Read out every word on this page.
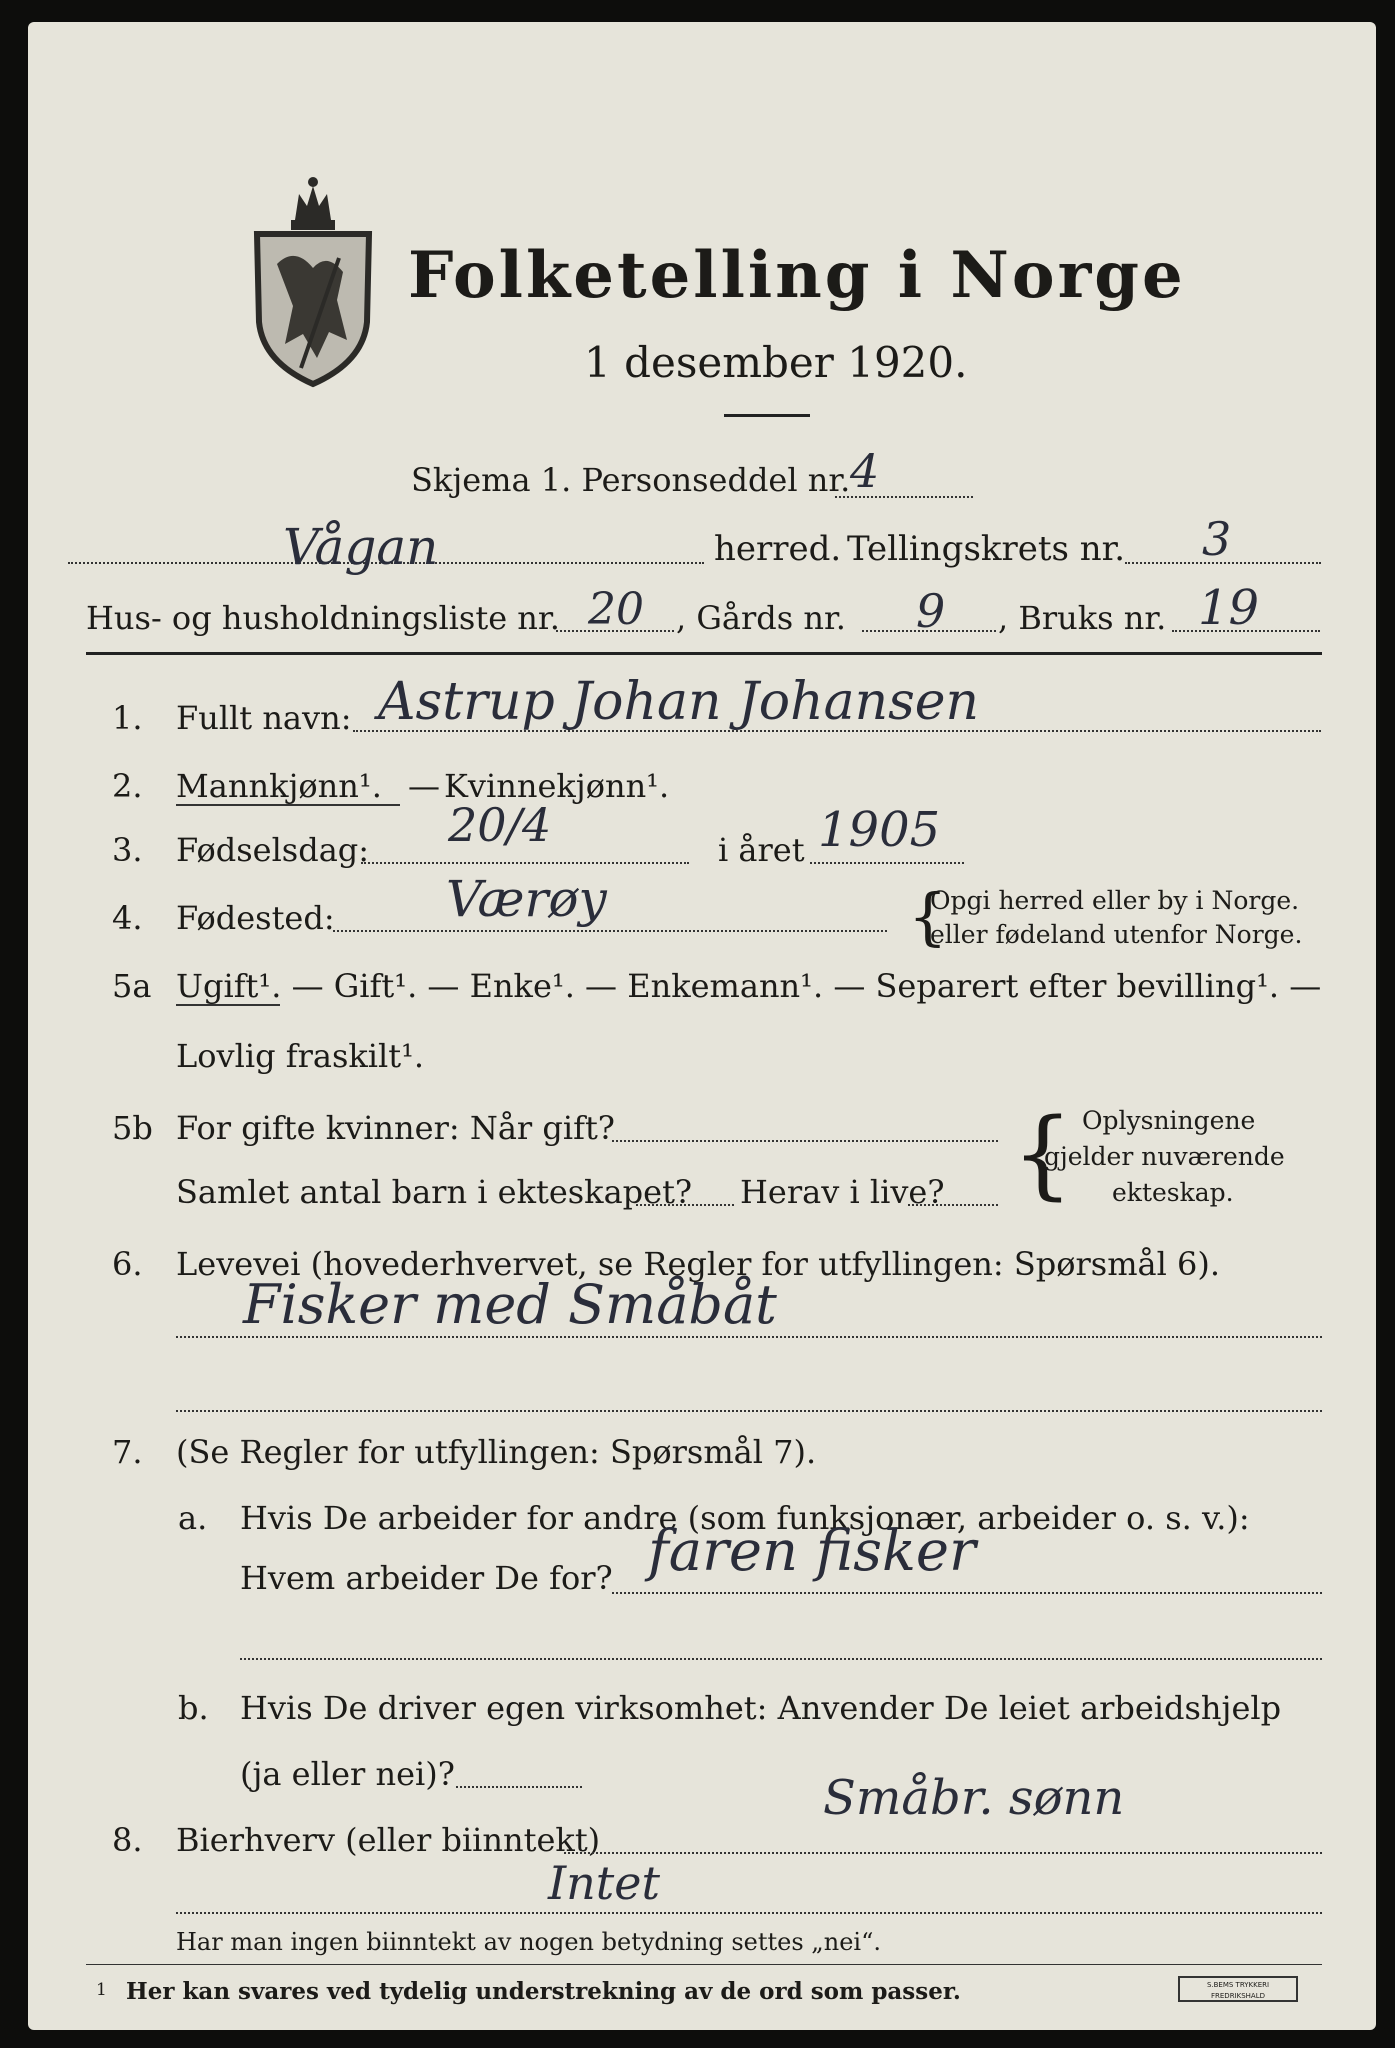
Folketelling i Norge
1 desember 1920.
Skjema 1. Personseddel nr. 4
Vågan	herred. Tellingskrets nr. 3
Hus- og husholdningsliste nr. 20 , Gårds nr. 9 , Bruks nr. 19
1. Fullt navn: Astrup Johan Johansen
2. Mannkjønn¹. — Kvinnekjønn¹.
3. Fødselsdag: 20/4	i året 1905
4. Fødested: Værøy	{
Opgi herred eller by i Norge.
eller fødeland utenfor Norge.
5a Ugift¹. — Gift¹. — Enke¹. — Enkemann¹. — Separert efter bevilling¹. —
Lovlig fraskilt¹.
5b For gifte kvinner: Når gift?
Samlet antal barn i ekteskapet? Herav i live? { Oplysningene
gjelder nuværende
ekteskap.
6. Levevei (hovederhvervet, se Regler for utfyllingen: Spørsmål 6).
Fisker med Småbåt
7. (Se Regler for utfyllingen: Spørsmål 7).
a. Hvis De arbeider for andre (som funksjonær, arbeider o. s. v.):
Hvem arbeider De for? faren fisker
b. Hvis De driver egen virksomhet: Anvender De leiet arbeidshjelp
(ja eller nei)?
8. Bierhverv (eller biinntekt)
Småbr. sønn
Intet
Har man ingen biinntekt av nogen betydning settes „nei“.
1 Her kan svares ved tydelig understrekning av de ord som passer.	S.BEMS TRYKKERI
FREDRIKSHALD
